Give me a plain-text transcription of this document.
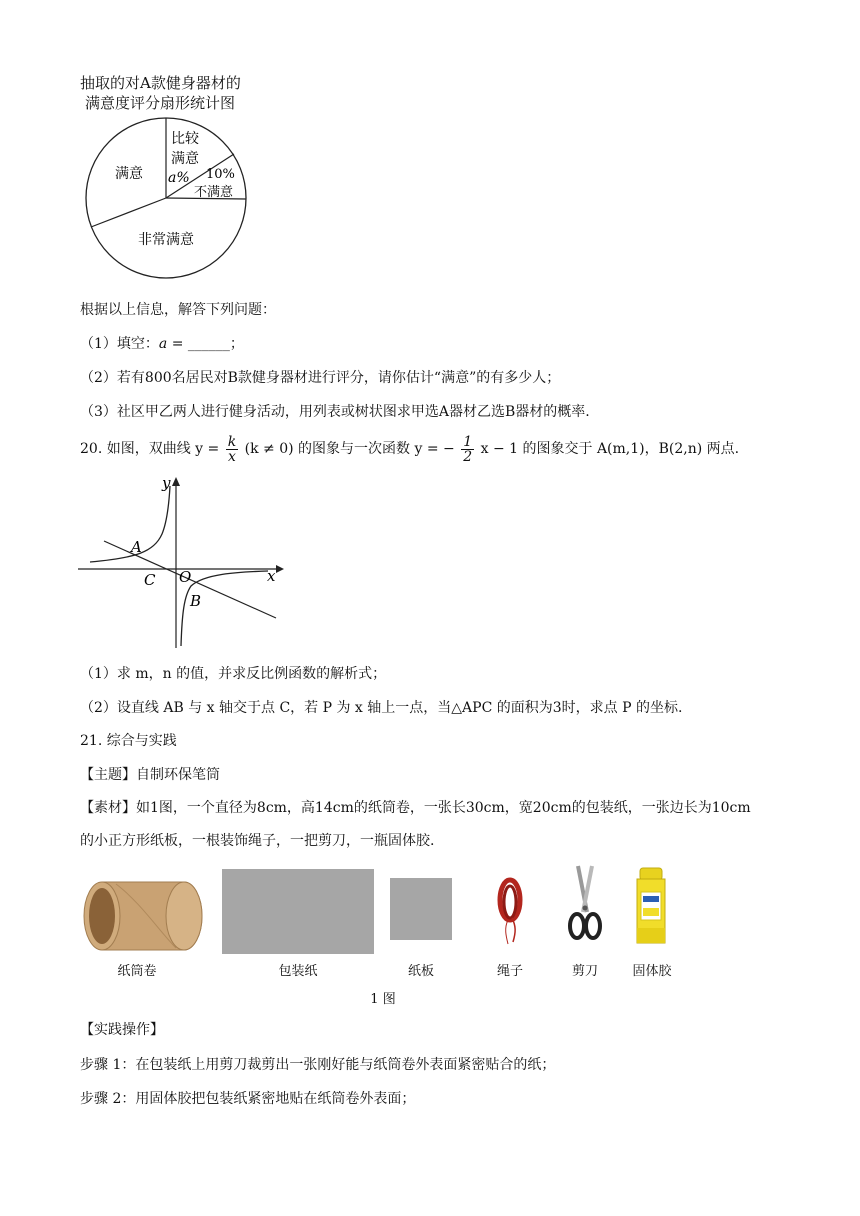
抽取的对A款健身器材的
满意度评分扇形统计图
满意
比较
满意
a% 10%
不满意
非常满意
根据以上信息，解答下列问题：
（1）填空：a = ______；
（2）若有800名居民对B款健身器材进行评分，请你估计“满意”的有多少人；
（3）社区甲乙两人进行健身活动，用列表或树状图求甲选A器材乙选B器材的概率.
20. 如图，双曲线 $y = \frac{k}{x} (k \ne 0)$ 的图象与一次函数 y = − $\frac{1}{2}$ x − 1 的图象交于 A(m,1)，B(2,n) 两点.
y
x
A
B
C O
（1）求 m，n 的值，并求反比例函数的解析式；
（2）设直线 AB 与 x 轴交于点 C，若 P 为 x 轴上一点，当△APC 的面积为3时，求点 P 的坐标.
21. 综合与实践
【主题】自制环保笔筒
【素材】如1图，一个直径为8cm，高14cm的纸筒卷，一张长30cm，宽20cm的包装纸，一张边长为10cm
的小正方形纸板，一根装饰绳子，一把剪刀，一瓶固体胶.
纸筒卷	包装纸	纸板	绳子	剪刀	固体胶
1 图
【实践操作】
步骤 1：在包装纸上用剪刀裁剪出一张刚好能与纸筒卷外表面紧密贴合的纸；
步骤 2：用固体胶把包装纸紧密地贴在纸筒卷外表面；
